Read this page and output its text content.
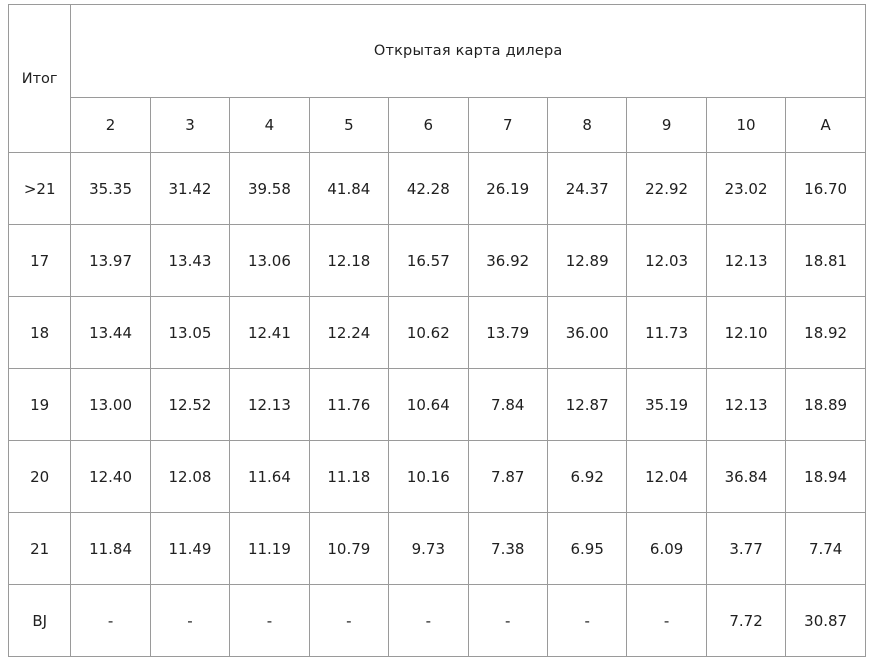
Итог	Открытая карта дилера									
	2	3	4	5	6	7	8	9	10	A
>21	35.35	31.42	39.58	41.84	42.28	26.19	24.37	22.92	23.02	16.70
17	13.97	13.43	13.06	12.18	16.57	36.92	12.89	12.03	12.13	18.81
18	13.44	13.05	12.41	12.24	10.62	13.79	36.00	11.73	12.10	18.92
19	13.00	12.52	12.13	11.76	10.64	7.84	12.87	35.19	12.13	18.89
20	12.40	12.08	11.64	11.18	10.16	7.87	6.92	12.04	36.84	18.94
21	11.84	11.49	11.19	10.79	9.73	7.38	6.95	6.09	3.77	7.74
BJ	-	-	-	-	-	-	-	-	7.72	30.87
